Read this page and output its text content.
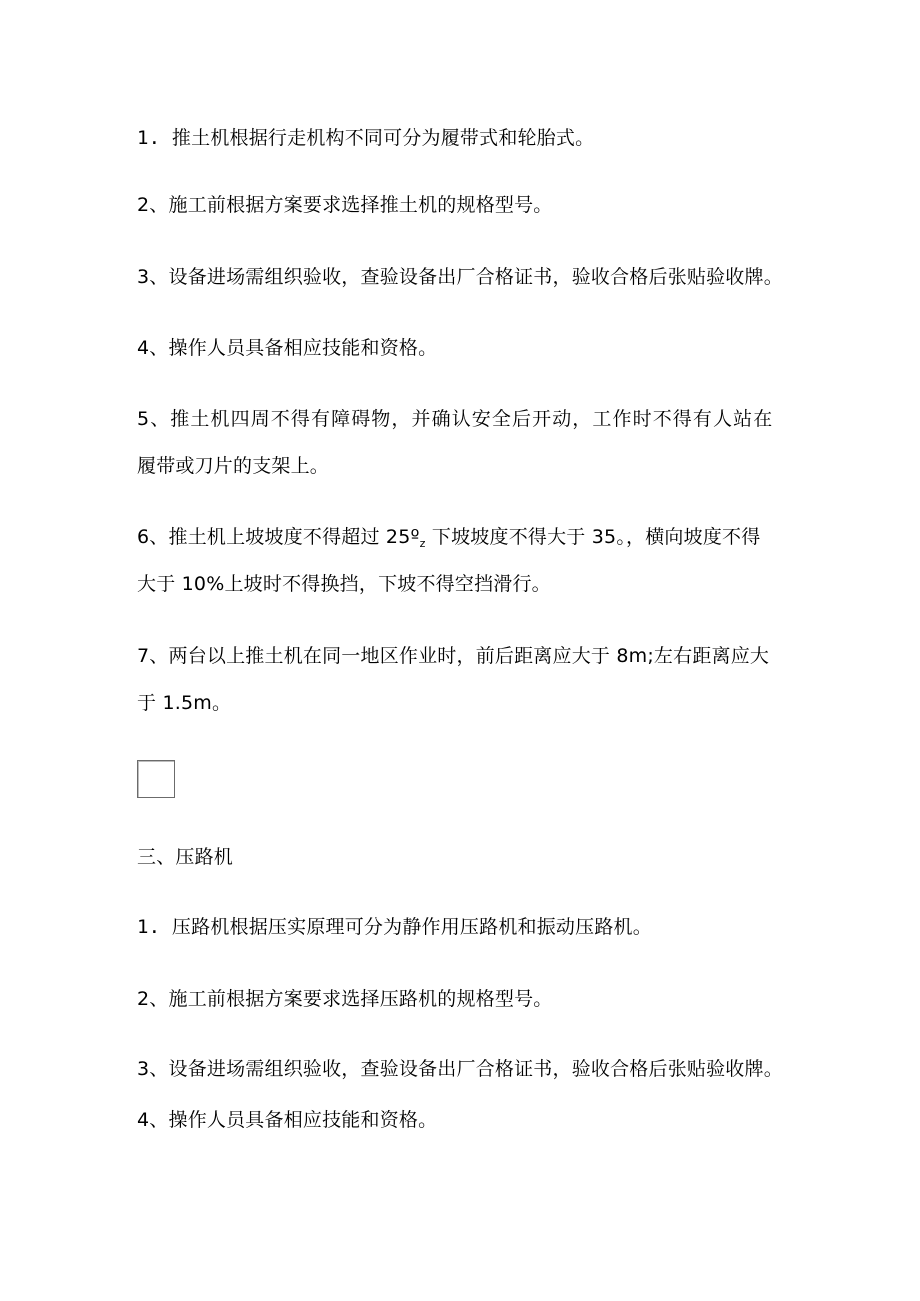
1. 推土机根据行走机构不同可分为履带式和轮胎式。
2、施工前根据方案要求选择推土机的规格型号。
3、设备进场需组织验收，查验设备出厂合格证书，验收合格后张贴验收牌。
4、操作人员具备相应技能和资格。
5、推土机四周不得有障碍物，并确认安全后开动，工作时不得有人站在
履带或刀片的支架上。
6、推土机上坡坡度不得超过 25º$_z$ 下坡坡度不得大于 35。，横向坡度不得
大于 10%上坡时不得换挡，下坡不得空挡滑行。
7、两台以上推土机在同一地区作业时，前后距离应大于 8m;左右距离应大
于 1.5m。
三、压路机
1. 压路机根据压实原理可分为静作用压路机和振动压路机。
2、施工前根据方案要求选择压路机的规格型号。
3、设备进场需组织验收，查验设备出厂合格证书，验收合格后张贴验收牌。
4、操作人员具备相应技能和资格。
